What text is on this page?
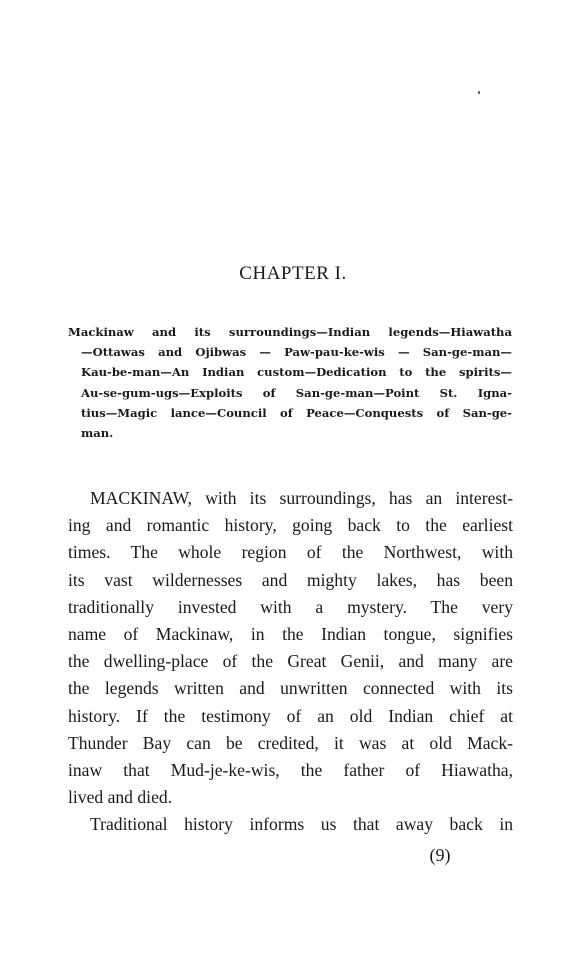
CHAPTER I.
Mackinaw and its surroundings—Indian legends—Hiawatha
—Ottawas and Ojibwas — Paw-pau-ke-wis — San-ge-man—
Kau-be-man—An Indian custom—Dedication to the spirits—
Au-se-gum-ugs—Exploits of San-ge-man—Point St. Igna-
tius—Magic lance—Council of Peace—Conquests of San-ge-
man.
MACKINAW, with its surroundings, has an interest-
ing and romantic history, going back to the earliest
times. The whole region of the Northwest, with
its vast wildernesses and mighty lakes, has been
traditionally invested with a mystery. The very
name of Mackinaw, in the Indian tongue, signifies
the dwelling-place of the Great Genii, and many are
the legends written and unwritten connected with its
history. If the testimony of an old Indian chief at
Thunder Bay can be credited, it was at old Mack-
inaw that Mud-je-ke-wis, the father of Hiawatha,
lived and died.
Traditional history informs us that away back in
(9)
